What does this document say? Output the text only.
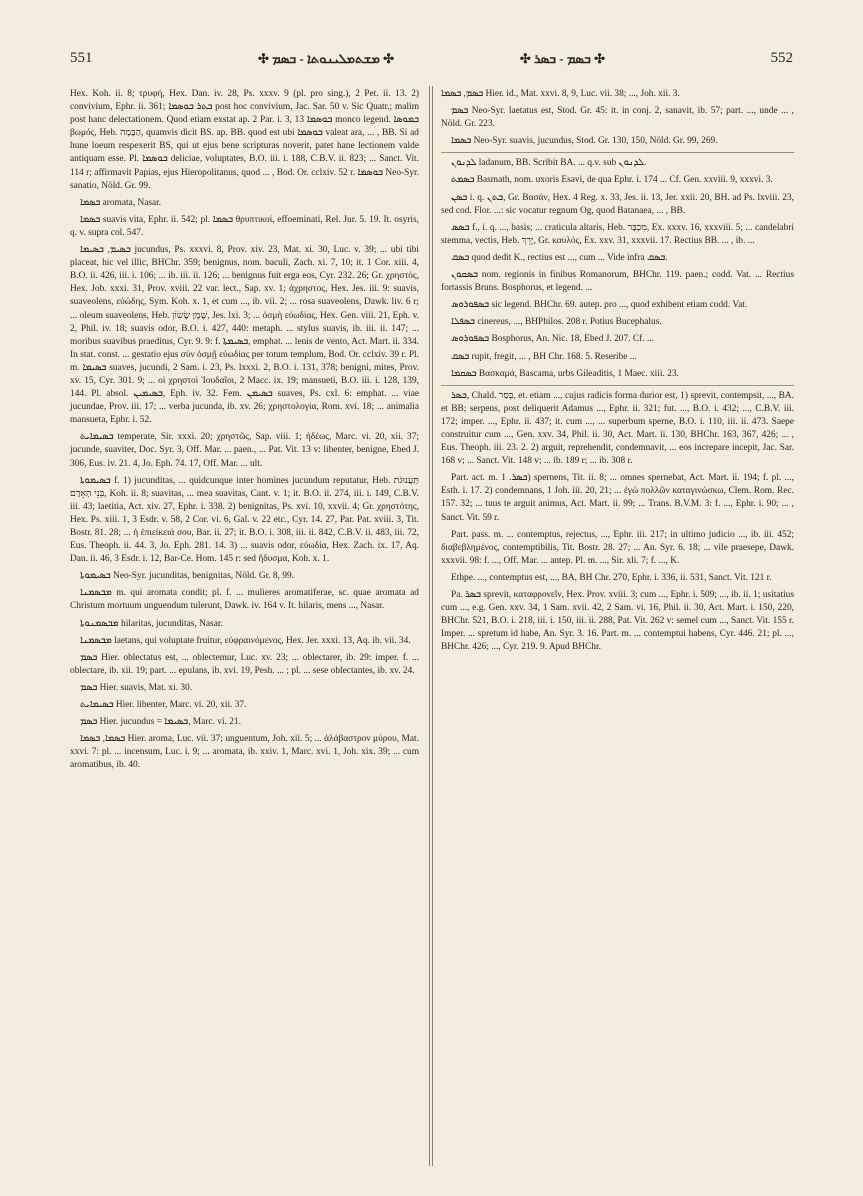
551	✣ ܡܫܬܡܠܝܢܘܬܐ - ܒܣܡ ✣	✣ ܒܣܡ - ܒܣܪ ✣	552

Hex. Koh. ii. 8; τρυφή, Hex. Dan. iv. 28, Ps. xxxv. 9 (pl. pro sing.), 2 Pet. ii. 13. 2) convivium, Ephr. ii. 361; ܒܬܪ ܒܘܣܡܐ post hoc convivium, Jac. Sar. 50 v. Sic Quatr.; malim post hanc delectationem. Quod etiam exstat ap. 2 Par. i. 3, 13 ܒܘܣܡܐ monco legend. ܒܡܘܣܐ βωμός, Heb. הַבָּמָה, quamvis dicit BS. ap. BB. quod est ubi ܒܘܣܡܐ valeat ara, ... , BB. Si ad hune loeum respexerit BS, qui ut ejus bene scripturas noverit, patet hane lectionem valde antiquam esse. Pl. ܒܘܣܡܐ deliciae, voluptates, B.O. iii. i. 188, C.B.V. ii. 823; ... Sanct. Vit. 114 r; affirmavit Papias, ejus Hieropolitanus, quod ... , Bod. Or. cclxiv. 52 r. ܒܘܣܡܐ Neo-Syr. sanatio, Nöld. Gr. 99.

ܒܣܡܐ aromata, Nasar.

ܒܣܡܐ suavis vita, Ephr. ii. 542; pl. ܒܣܡܐ θρυπτικοί, effoeminati, Rel. Jur. 5. 19. It. osyris, q. v. supra col. 547.

ܒܣܝܡ, ܒܣܝܡܐ jucundus, Ps. xxxvi. 8, Prov. xiv. 23, Mat. xi. 30, Luc. v. 39; ... ubi tibi placeat, hic vel illic, BHChr. 359; benignus, nom. baculi, Zach. xi. 7, 10; it. 1 Cor. xiii. 4, B.O. ii. 426, iii. i. 106; ... ib. iii. ii. 126; ... benignus fuit erga eos, Cyr. 232. 26; Gr. χρηστός, Hex. Job. xxxi. 31, Prov. xviii. 22 var. lect., Sap. xv. 1; ἀχρηστος, Hex. Jes. iii. 9: suavis, suaveolens, εὐώδης, Sym. Koh. x. 1, et cum ..., ib. vii. 2; ... rosa suaveolens, Dawk. liv. 6 r; ... oleum suaveolens, Heb. שֶׁמֶן שָׂשׂוֹן, Jes. lxi. 3; ... ὀσμὴ εὐωδίας, Hex. Gen. viii. 21, Eph. v. 2, Phil. iv. 18; suavis odor, B.O. i. 427, 440: metaph. ... stylus suavis, ib. iii. ii. 147; ... moribus suavibus praeditus, Cyr. 9. 9: f. ܒܣܝܡܬܐ, emphat. ... lenis de vento, Act. Mart. ii. 334. In stat. const. ... gestatio ejus σὺν ὀσμῇ εὐωδίας per totum templum, Bod. Or. cclxiv. 39 r. Pl. m. ܒܣܝܡܐ suaves, jucundi, 2 Sam. i. 23, Ps. lxxxi. 2, B.O. i. 131, 378; benigni, mites, Prov. xv. 15, Cyr. 301. 9; ... οἱ χρηστοὶ Ἰουδαῖοι, 2 Macc. ix. 19; mansueti, B.O. iii. i. 128, 139, 144. Pl. absol. ܒܣܝܡܝܢ, Eph. iv. 32. Fem. ܒܣܝܡܢ suaves, Ps. cxl. 6: emphat. ... viae jucundae, Prov. iii. 17; ... verba jucunda, ib. xv. 26; χρηστολογία, Rom. xvi. 18; ... animalia mansueta, Ephr. i. 52.

ܒܣܝܡܐܝܬ temperate, Sir. xxxi. 20; χρηστῶς, Sap. viii. 1; ἡδέως, Marc. vi. 20, xii. 37; jucunde, suaviter, Doc. Syr. 3, Off. Mar. ... paen., ... Pat. Vit. 13 v: libenter, benigne, Ebed J. 306, Eus. iv. 21. 4, Jo. Eph. 74. 17, Off. Mar. ... ult.

ܒܣܝܡܘܬܐ f. 1) jucunditas, ... quidcunque inter homines jucundum reputatur, Heb. תַּעֲנוּגֹת בְּנֵי הָאָדָם, Koh. ii. 8; suavitas, ... mea suavitas, Cant. v. 1; it. B.O. ii. 274, iii. i. 149, C.B.V. iii. 43; laetitia, Act. xiv. 27, Ephr. i. 338. 2) benignitas, Ps. xvi. 10, xxvii. 4; Gr. χρηστότης, Hex. Ps. xiii. 1, 3 Esdr. v. 58, 2 Cor. vi. 6, Gal. v. 22 etc., Cyr. 14. 27, Par. Pat. xviii. 3, Tit. Bostr. 81. 28; ... ἡ ἐπιείκειά σου, Bar. ii. 27; it. B.O. i. 308, iii. ii. 842, C.B.V. ii. 483, iii. 72, Eus. Theoph. ii. 44. 3, Jo. Eph. 281. 14. 3) ... suavis odor, εὐωδία, Hex. Zach. ix. 17, Aq. Dan. ii. 46, 3 Esdr. i. 12, Bar-Ce. Hom. 145 r: sed ἥδυσμα, Koh. x. 1.

ܒܣܝܡܘܬܐ Neo-Syr. jucunditas, benignitas, Nöld. Gr. 8, 99.

ܡܒܣܡܢܐ m. qui aromata condit; pl. f. ... mulieres aromatiferae, sc. quae aromata ad Christum mortuum unguendum tulerunt, Dawk. iv. 164 v. It. hilaris, mens ..., Nasar.

ܡܒܣܡܢܘܬܐ hilaritas, jucunditas, Nasar.

ܡܒܣܡܢܐ laetans, qui voluptate fruitur, εὐφραινόμενος, Hex. Jer. xxxi. 13, Aq. ib. vii. 34.

ܒܣܡ Hier. oblectatus est, ... oblectemur, Luc. xv. 23; ... oblectarer, ib. 29: imper. f. ... oblectare, ib. xii. 19; part. ... epulans, ib. xvi. 19, Pesh. ... ; pl. ... sese oblectantes, ib. xv. 24.

ܒܣܡ Hier. suavis, Mat. xi. 30.

ܒܣܝܡܐܝܬ Hier. libenter, Marc. vi. 20, xii. 37.

ܒܣܡ Hier. jucundus = ܒܣܝܡܐ, Marc. vi. 21.

ܒܣܡܐ, ܒܣܡܐ Hier. aroma, Luc. vii. 37; unguentum, Joh. xii. 5; ... ἀλάβαστρον μύρου, Mat. xxvi. 7: pl. ... incensum, Luc. i. 9; ... aromata, ib. xxiv. 1, Marc. xvi. 1, Joh. xix. 39; ... cum aromatibus, ib. 40.

ܒܣܡ, ܒܣܡܐ Hier. id., Mat. xxvi. 8, 9, Luc. vii. 38; ..., Joh. xii. 3.

ܒܣܡ Neo-Syr. laetatus est, Stod. Gr. 45: it. in conj. 2, sanavit, ib. 57; part. ..., unde ... , Nöld. Gr. 223.

ܒܣܡܐ Neo-Syr. suavis, jucundus, Stod. Gr. 130, 150, Nöld. Gr. 99, 269.

ܠܕܢܘܢ ladanum, BB. Scribit BA. ... q.v. sub ܠܕܢܘܢ.

ܒܣܡܬ Basmath, nom. uxoris Esavi, de qua Ephr. i. 174 ... Cf. Gen. xxviii. 9, xxxvi. 3.

ܒܣܢ i. q. ܒܬܢ, Gr. Βασάν, Hex. 4 Reg. x. 33, Jes. ii. 13, Jer. xxii. 20, BH. ad Ps. lxviii. 23, sed cod. Flor. ...: sic vocatur regnum Og, quod Batanaea, ... , BB.

ܒܣܣ f., i. q. ..., basis; ... craticula altaris, Heb. מִכְבָּר, Ex. xxxv. 16, xxxviii. 5; ... candelabri stemma, vectis, Heb. יָרֵךְ, Gr. καυλός, Ex. xxv. 31, xxxvii. 17. Rectius BB. ... , ib. ...

ܒܣܩ quod dedit K., rectius est ..., cum ... Vide infra ܒܣܩ.

ܒܣܩܘܢ nom. regionis in finibus Romanorum, BHChr. 119. paen.; codd. Vat. ... Rectius fortassis Bruns. Bosphorus, et legend. ...

ܒܣܦܘܪܘܣ sic legend. BHChr. 69. autep. pro ..., quod exhibent etiam codd. Vat.

ܒܣܦܠܐ cinereus, ..., BHPhilos. 208 r. Potius Bucephalus.

ܒܣܦܘܪܘܣ Bosphorus, An. Nic. 18, Ebed J. 207. Cf. ...

ܒܣܩ rupit, fregit, ... , BH Chr. 168. 5. Reseribe ...

ܒܣܩܡܐ Βασκαμά, Bascama, urbs Gileaditis, 1 Maec. xiii. 23.

ܒܣܪ, Chald. בְּסַר, et. etiam ..., cujus radicis forma durior est, 1) sprevit, contempsit, ..., BA. et BB; serpens, post deliquerit Adamus ..., Ephr. ii. 321; fut. ..., B.O. i. 432; ..., C.B.V. iii. 172; imper. ..., Ephr. ii. 437; it. cum ..., ... superbum sperne, B.O. i. 110, iii. ii. 473. Saepe construitur cum ..., Gen. xxv. 34, Phil. ii. 30, Act. Mart. ii. 130, BHChr. 163, 367, 426; ... , Eus. Theoph. iii. 23. 2. 2) arguit, reprehendit, condemnavit, ... eos increpare incepit, Jac. Sar. 168 v; ... Sanct. Vit. 148 v; ... ib. 189 r; ... ib. 308 r.

Part. act. m. ܒܣܪ. 1) spernens, Tit. ii. 8; ... omnes spernebat, Act. Mart. ii. 194; f. pl. ..., Esth. i. 17. 2) condemnans, 1 Joh. iii. 20, 21; ... ἐγὼ πολλῶν καταγινώσκω, Clem. Rom. Rec. 157. 32; ... tuus te arguit animus, Act. Mart. ii. 99; ... Trans. B.V.M. 3: f. ..., Ephr. i. 90; ... , Sanct. Vit. 59 r.

Part. pass. m. ... contemptus, rejectus, ..., Ephr. iii. 217; in ultimo judicio ..., ib. iii. 452; διαβεβλημένος, contemptibilis, Tit. Bostr. 28. 27; ... An. Syr. 6. 18; ... vile praesepe, Dawk. xxxvii. 98: f. ..., Off. Mar. ... antep. Pl. m. ..., Sir. xli. 7; f. ..., K.

Ethpe. ..., contemptus est, ..., BA, BH Chr. 270, Ephr. i. 336, ii. 531, Sanct. Vit. 121 r.

Pa. ܒܣܪ sprevit, καταφρονεῖν, Hex. Prov. xviii. 3; cum ..., Ephr. i. 509; ..., ib. ii. 1; usitatius cum ..., e.g. Gen. xxv. 34, 1 Sam. xvii. 42, 2 Sam. vi. 16, Phil. ii. 30, Act. Mart. i. 150, 220, BHChr. 521, B.O. i. 218, iii. i. 150, iii. ii. 288, Pat. Vit. 262 v: semel cum ..., Sanct. Vit. 155 r. Imper. ... spretum id habe, An. Syr. 3. 16. Part. m. ... contemptui habens, Cyr. 446. 21; pl. ..., BHChr. 426; ..., Cyr. 219. 9. Apud BHChr.
